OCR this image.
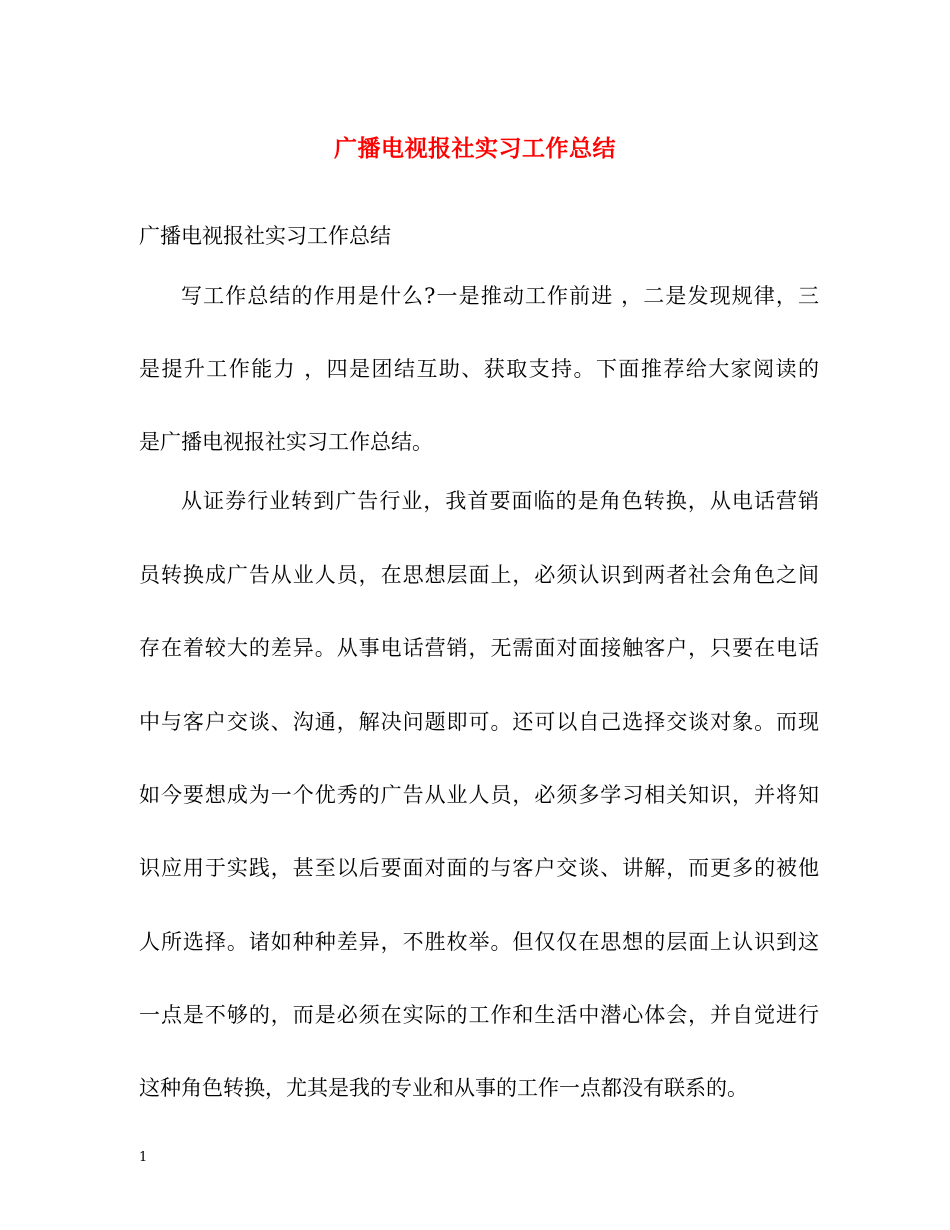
广播电视报社实习工作总结
广播电视报社实习工作总结
写工作总结的作用是什么?一是推动工作前进 ，二是发现规律，三
是提升工作能力 ，四是团结互助、获取支持。下面推荐给大家阅读的
是广播电视报社实习工作总结。
从证券行业转到广告行业，我首要面临的是角色转换，从电话营销
员转换成广告从业人员，在思想层面上，必须认识到两者社会角色之间
存在着较大的差异。从事电话营销，无需面对面接触客户，只要在电话
中与客户交谈、沟通，解决问题即可。还可以自己选择交谈对象。而现
如今要想成为一个优秀的广告从业人员，必须多学习相关知识，并将知
识应用于实践，甚至以后要面对面的与客户交谈、讲解，而更多的被他
人所选择。诸如种种差异，不胜枚举。但仅仅在思想的层面上认识到这
一点是不够的，而是必须在实际的工作和生活中潜心体会，并自觉进行
这种角色转换，尤其是我的专业和从事的工作一点都没有联系的。
1
